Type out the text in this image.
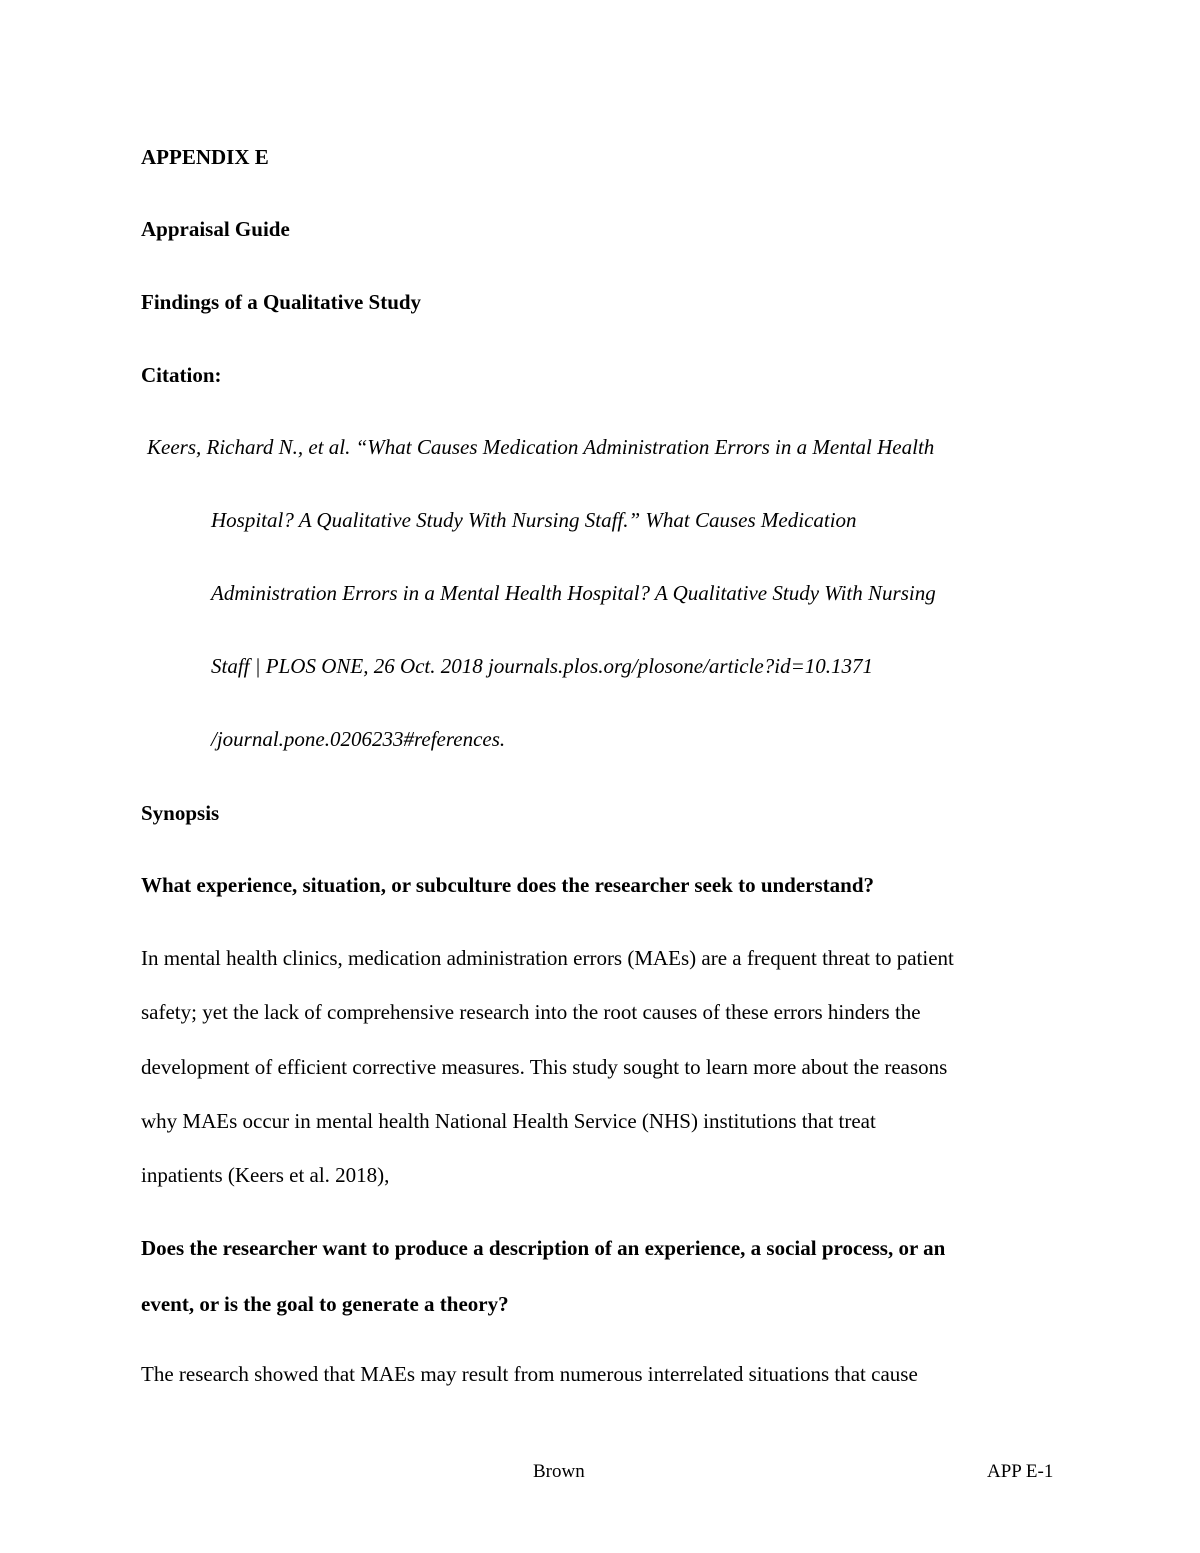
APPENDIX E
Appraisal Guide
Findings of a Qualitative Study
Citation:
Keers, Richard N., et al. “What Causes Medication Administration Errors in a Mental Health
Hospital? A Qualitative Study With Nursing Staff.” What Causes Medication
Administration Errors in a Mental Health Hospital? A Qualitative Study With Nursing
Staff | PLOS ONE, 26 Oct. 2018 journals.plos.org/plosone/article?id=10.1371
/journal.pone.0206233#references.
Synopsis
What experience, situation, or subculture does the researcher seek to understand?
In mental health clinics, medication administration errors (MAEs) are a frequent threat to patient
safety; yet the lack of comprehensive research into the root causes of these errors hinders the
development of efficient corrective measures. This study sought to learn more about the reasons
why MAEs occur in mental health National Health Service (NHS) institutions that treat
inpatients (Keers et al. 2018),
Does the researcher want to produce a description of an experience, a social process, or an
event, or is the goal to generate a theory?
The research showed that MAEs may result from numerous interrelated situations that cause
Brown	APP E-1
